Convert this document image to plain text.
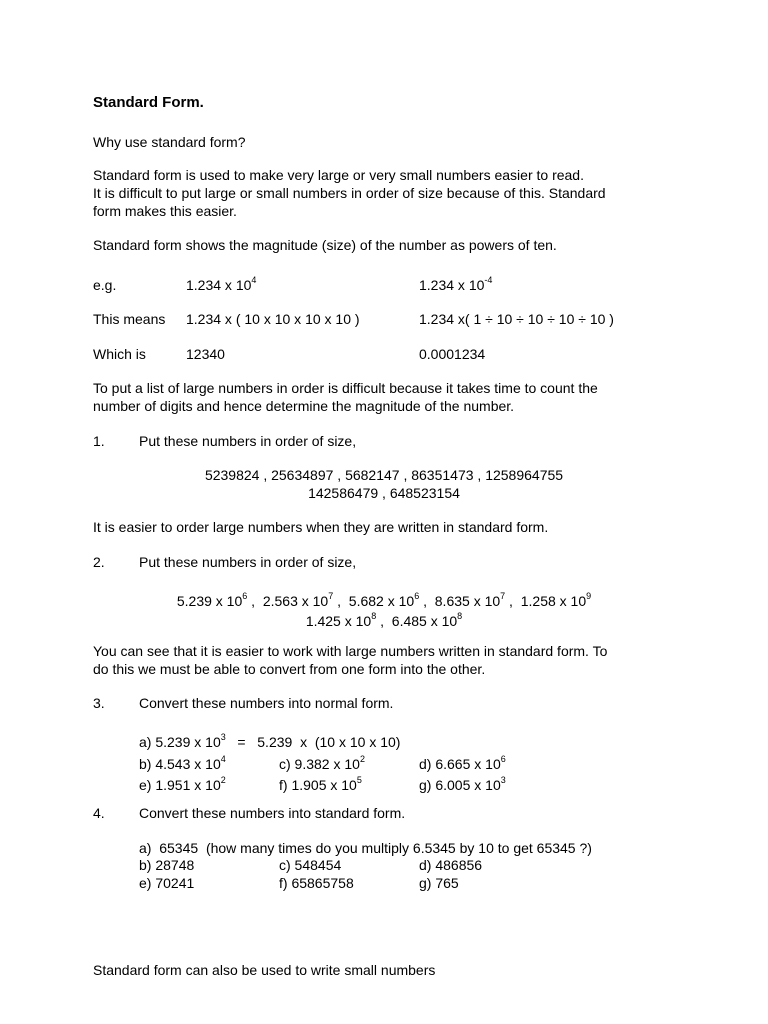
Standard Form.
Why use standard form?
Standard form is used to make very large or very small numbers easier to read.
It is difficult to put large or small numbers in order of size because of this. Standard
form makes this easier.
Standard form shows the magnitude (size) of the number as powers of ten.
e.g.	1.234 x $10^4$	1.234 x $10^{-4}$
This means 1.234 x ( 10 x 10 x 10 x 10 )	1.234 x( 1 ÷ 10 ÷ 10 ÷ 10 ÷ 10 )
Which is	12340	0.0001234
To put a list of large numbers in order is difficult because it takes time to count the
number of digits and hence determine the magnitude of the number.
1. Put these numbers in order of size,
5239824 , 25634897 , 5682147 , 86351473 , 1258964755
142586479 , 648523154
It is easier to order large numbers when they are written in standard form.
2. Put these numbers in order of size,
5.239 x $10^6$ ,  2.563 x $10^7$ ,  5.682 x $10^6$ ,  8.635 x $10^7$ ,  1.258 x $10^9$
1.425 x $10^8$ ,  6.485 x $10^8$
You can see that it is easier to work with large numbers written in standard form. To
do this we must be able to convert from one form into the other.
3. Convert these numbers into normal form.
a) 5.239 x $10^3 = 5.239$  x  (10 x 10 x 10)
b) 4.543 x $10^4$	c) 9.382 x $10^2$	d) 6.665 x $10^6$
e) 1.951 x $10^2$	f) 1.905 x $10^5$	g) 6.005 x $10^3$
4. Convert these numbers into standard form.
a)  65345  (how many times do you multiply 6.5345 by 10 to get 65345 ?)
b) 28748	c) 548454	d) 486856
e) 70241	f) 65865758	g) 765
Standard form can also be used to write small numbers
